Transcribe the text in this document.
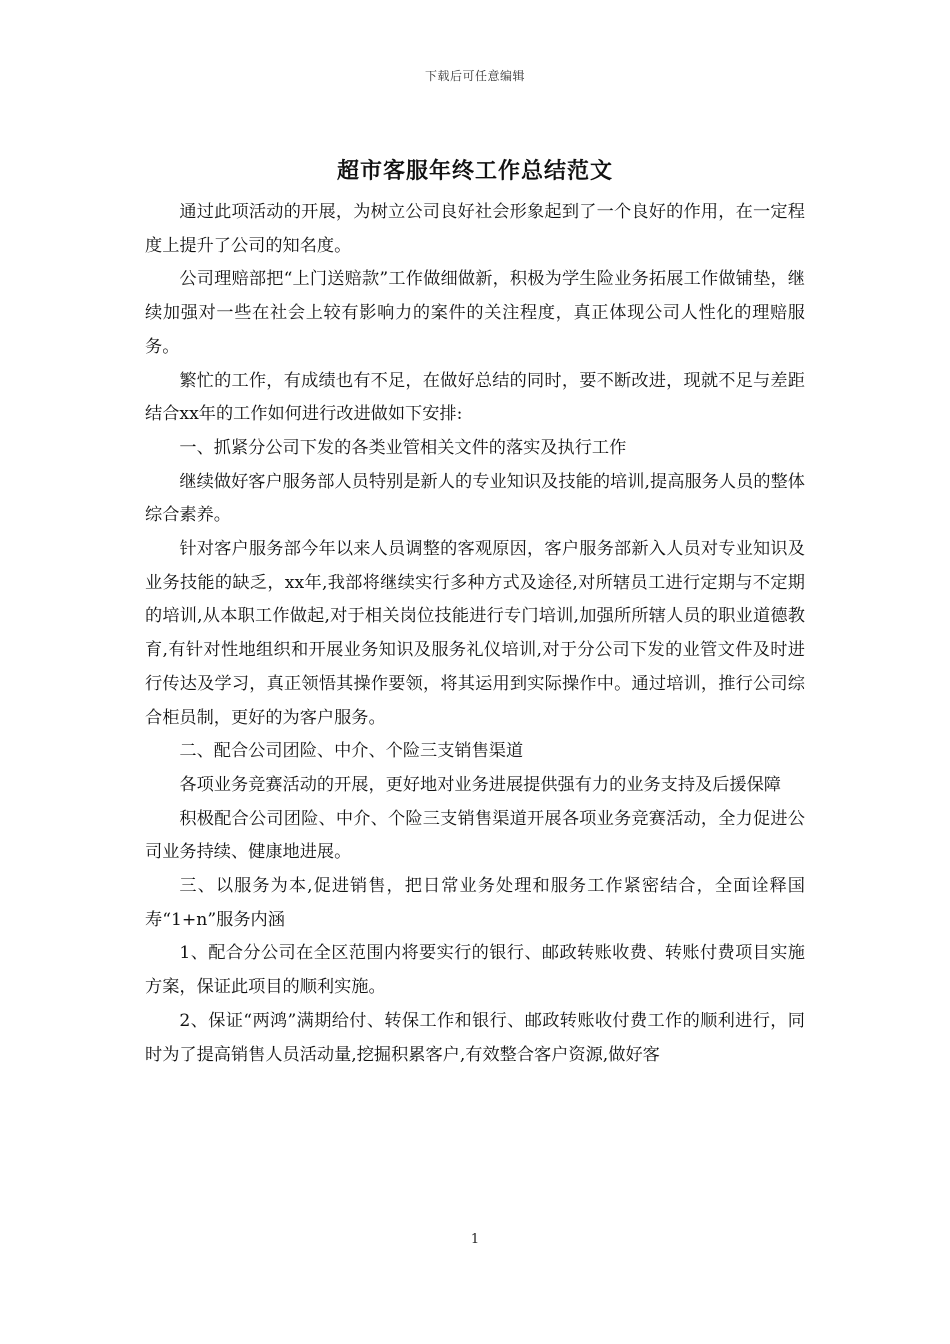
下载后可任意编辑
超市客服年终工作总结范文

通过此项活动的开展，为树立公司良好社会形象起到了一个良好的作用，在一定程度上提升了公司的知名度。

公司理赔部把“上门送赔款”工作做细做新，积极为学生险业务拓展工作做铺垫，继续加强对一些在社会上较有影响力的案件的关注程度，真正体现公司人性化的理赔服务。

繁忙的工作，有成绩也有不足，在做好总结的同时，要不断改进，现就不足与差距结合xx年的工作如何进行改进做如下安排:

一、抓紧分公司下发的各类业管相关文件的落实及执行工作

继续做好客户服务部人员特别是新人的专业知识及技能的培训,提高服务人员的整体综合素养。

针对客户服务部今年以来人员调整的客观原因，客户服务部新入人员对专业知识及业务技能的缺乏，xx年,我部将继续实行多种方式及途径,对所辖员工进行定期与不定期的培训,从本职工作做起,对于相关岗位技能进行专门培训,加强所所辖人员的职业道德教育,有针对性地组织和开展业务知识及服务礼仪培训,对于分公司下发的业管文件及时进行传达及学习，真正领悟其操作要领，将其运用到实际操作中。通过培训，推行公司综合柜员制，更好的为客户服务。

二、配合公司团险、中介、个险三支销售渠道

各项业务竞赛活动的开展，更好地对业务进展提供强有力的业务支持及后援保障

积极配合公司团险、中介、个险三支销售渠道开展各项业务竞赛活动，全力促进公司业务持续、健康地进展。

三、以服务为本,促进销售，把日常业务处理和服务工作紧密结合，全面诠释国寿“1+n”服务内涵

1、配合分公司在全区范围内将要实行的银行、邮政转账收费、转账付费项目实施方案，保证此项目的顺利实施。

2、保证“两鸿”满期给付、转保工作和银行、邮政转账收付费工作的顺利进行，同时为了提高销售人员活动量,挖掘积累客户,有效整合客户资源,做好客

1
